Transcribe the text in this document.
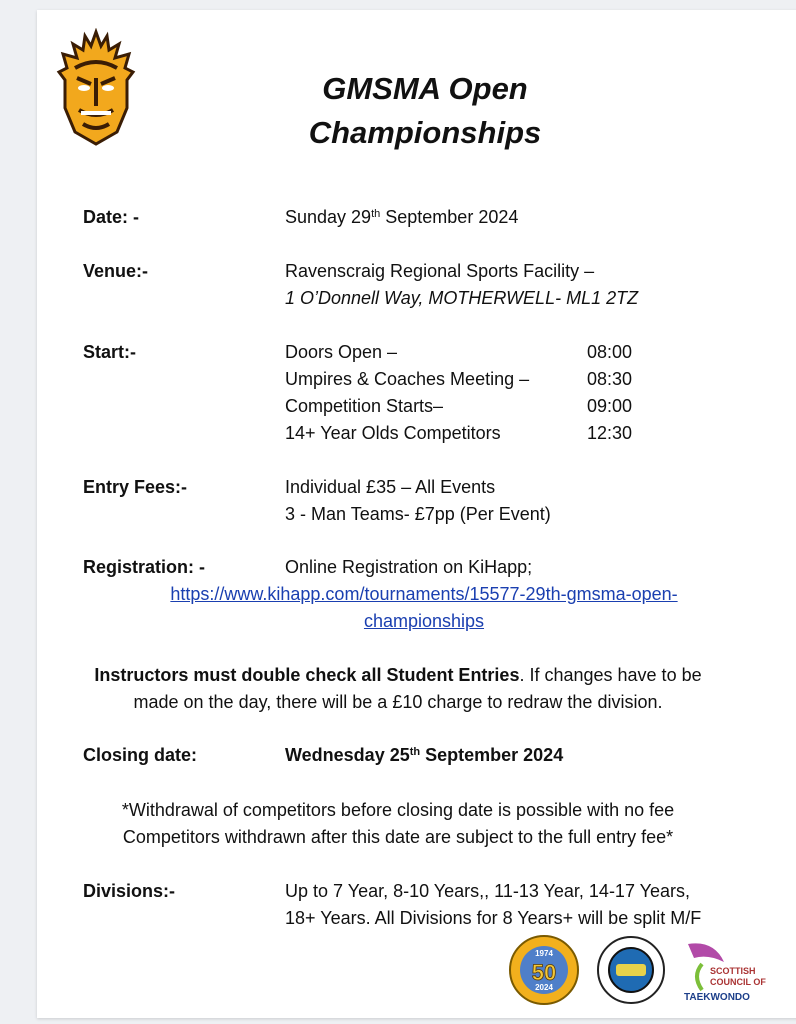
GMSMA Open
Championships
Date: -	Sunday 29th September 2024
Venue:-	Ravenscraig Regional Sports Facility –
1 O’Donnell Way, MOTHERWELL- ML1 2TZ
Start:-	Doors Open –	08:00
Umpires & Coaches Meeting –	08:30
Competition Starts–	09:00
14+ Year Olds Competitors	12:30
Entry Fees:-	Individual £35 – All Events
3 - Man Teams- £7pp (Per Event)
Registration: -	Online Registration on KiHapp;
https://www.kihapp.com/tournaments/15577-29th-gmsma-open-
championships
Instructors must double check all Student Entries. If changes have to be
made on the day, there will be a £10 charge to redraw the division.
Closing date:	Wednesday 25th September 2024
*Withdrawal of competitors before closing date is possible with no fee
Competitors withdrawn after this date are subject to the full entry fee*
Divisions:-	Up to 7 Year, 8-10 Years,, 11-13 Year, 14-17 Years,
18+ Years. All Divisions for 8 Years+ will be split M/F
1974
50
2024
SCOTTISH
COUNCIL OF
TAEKWONDO
